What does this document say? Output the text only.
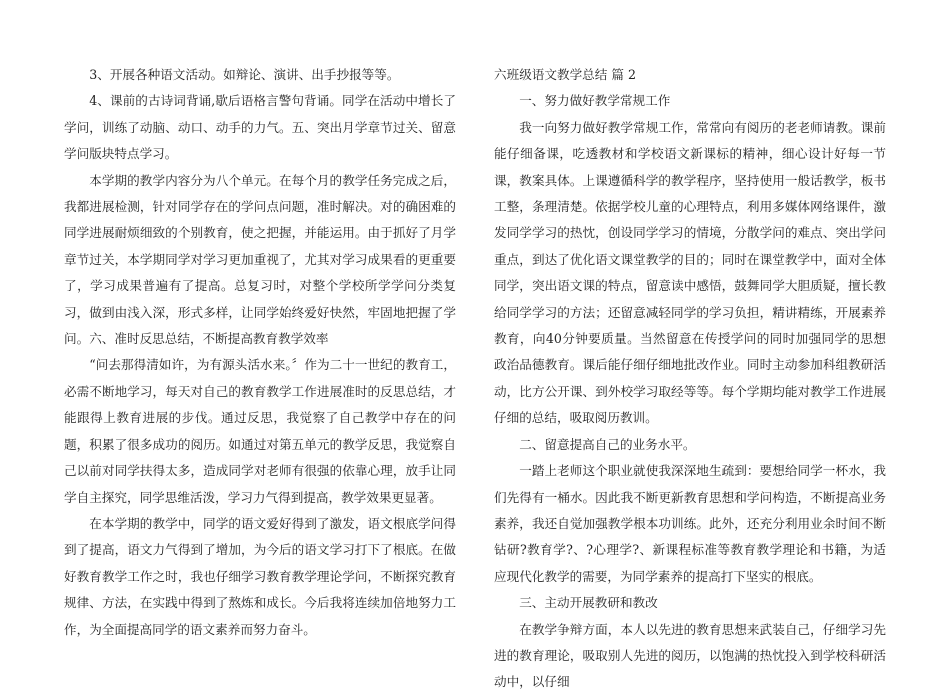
3、开展各种语文活动。如辩论、演讲、出手抄报等等。

4、课前的古诗词背诵,歇后语格言警句背诵。同学在活动中增长了学问，训练了动脑、动口、动手的力气。五、突出月学章节过关、留意学问版块特点学习。

本学期的教学内容分为八个单元。在每个月的教学任务完成之后，我都进展检测，针对同学存在的学问点问题，准时解决。对的确困难的同学进展耐烦细致的个别教育，使之把握，并能运用。由于抓好了月学章节过关，本学期同学对学习更加重视了，尤其对学习成果看的更重要了，学习成果普遍有了提高。总复习时，对整个学校所学学问分类复习，做到由浅入深，形式多样，让同学始终爱好快然，牢固地把握了学问。六、准时反思总结，不断提高教育教学效率

“问去那得清如许，为有源头活水来。〞作为二十一世纪的教育工，必需不断地学习，每天对自己的教育教学工作进展准时的反思总结，才能跟得上教育进展的步伐。通过反思，我觉察了自己教学中存在的问题，积累了很多成功的阅历。如通过对第五单元的教学反思，我觉察自己以前对同学扶得太多，造成同学对老师有很强的依靠心理，放手让同学自主探究，同学思维活泼，学习力气得到提高，教学效果更显著。

在本学期的教学中，同学的语文爱好得到了激发，语文根底学问得到了提高，语文力气得到了增加，为今后的语文学习打下了根底。在做好教育教学工作之时，我也仔细学习教育教学理论学问，不断探究教育规律、方法，在实践中得到了熬炼和成长。今后我将连续加倍地努力工作，为全面提高同学的语文素养而努力奋斗。

六班级语文教学总结 篇 2

一、努力做好教学常规工作

我一向努力做好教学常规工作，常常向有阅历的老老师请教。课前能仔细备课，吃透教材和学校语文新课标的精神，细心设计好每一节课，教案具体。上课遵循科学的教学程序，坚持使用一般话教学，板书工整，条理清楚。依据学校儿童的心理特点，利用多媒体网络课件，激发同学学习的热忱，创设同学学习的情境，分散学问的难点、突出学问重点，到达了优化语文课堂教学的目的；同时在课堂教学中，面对全体同学，突出语文课的特点，留意读中感悟，鼓舞同学大胆质疑，擅长教给同学学习的方法；还留意减轻同学的学习负担，精讲精练，开展素养教育，向40分钟要质量。当然留意在传授学问的同时加强同学的思想政治品德教育。课后能仔细仔细地批改作业。同时主动参加科组教研活动，比方公开课、到外校学习取经等等。每个学期均能对教学工作进展仔细的总结，吸取阅历教训。

二、留意提高自己的业务水平。

一踏上老师这个职业就使我深深地生疏到：要想给同学一杯水，我们先得有一桶水。因此我不断更新教育思想和学问构造，不断提高业务素养，我还自觉加强教学根本功训练。此外，还充分利用业余时间不断钻研?教育学?、?心理学?、新课程标准等教育教学理论和书籍，为适应现代化教学的需要，为同学素养的提高打下坚实的根底。

三、主动开展教研和教改

在教学争辩方面，本人以先进的教育思想来武装自己，仔细学习先进的教育理论，吸取别人先进的阅历，以饱满的热忱投入到学校科研活动中，以仔细
